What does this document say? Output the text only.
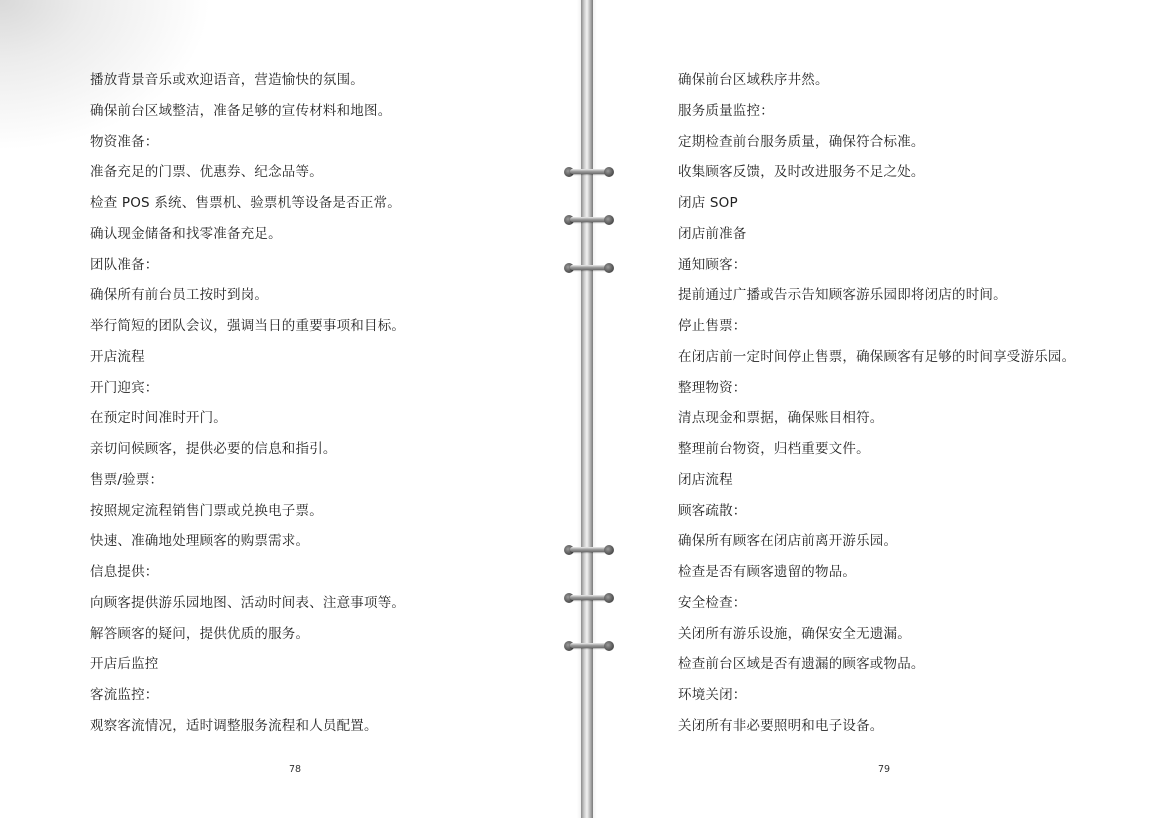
播放背景音乐或欢迎语音，营造愉快的氛围。
确保前台区域整洁，准备足够的宣传材料和地图。
物资准备：
准备充足的门票、优惠券、纪念品等。
检查 POS 系统、售票机、验票机等设备是否正常。
确认现金储备和找零准备充足。
团队准备：
确保所有前台员工按时到岗。
举行简短的团队会议，强调当日的重要事项和目标。
开店流程
开门迎宾：
在预定时间准时开门。
亲切问候顾客，提供必要的信息和指引。
售票/验票：
按照规定流程销售门票或兑换电子票。
快速、准确地处理顾客的购票需求。
信息提供：
向顾客提供游乐园地图、活动时间表、注意事项等。
解答顾客的疑问，提供优质的服务。
开店后监控
客流监控：
观察客流情况，适时调整服务流程和人员配置。
78
确保前台区域秩序井然。
服务质量监控：
定期检查前台服务质量，确保符合标准。
收集顾客反馈，及时改进服务不足之处。
闭店 SOP
闭店前准备
通知顾客：
提前通过广播或告示告知顾客游乐园即将闭店的时间。
停止售票：
在闭店前一定时间停止售票，确保顾客有足够的时间享受游乐园。
整理物资：
清点现金和票据，确保账目相符。
整理前台物资，归档重要文件。
闭店流程
顾客疏散：
确保所有顾客在闭店前离开游乐园。
检查是否有顾客遗留的物品。
安全检查：
关闭所有游乐设施，确保安全无遗漏。
检查前台区域是否有遗漏的顾客或物品。
环境关闭：
关闭所有非必要照明和电子设备。
79
